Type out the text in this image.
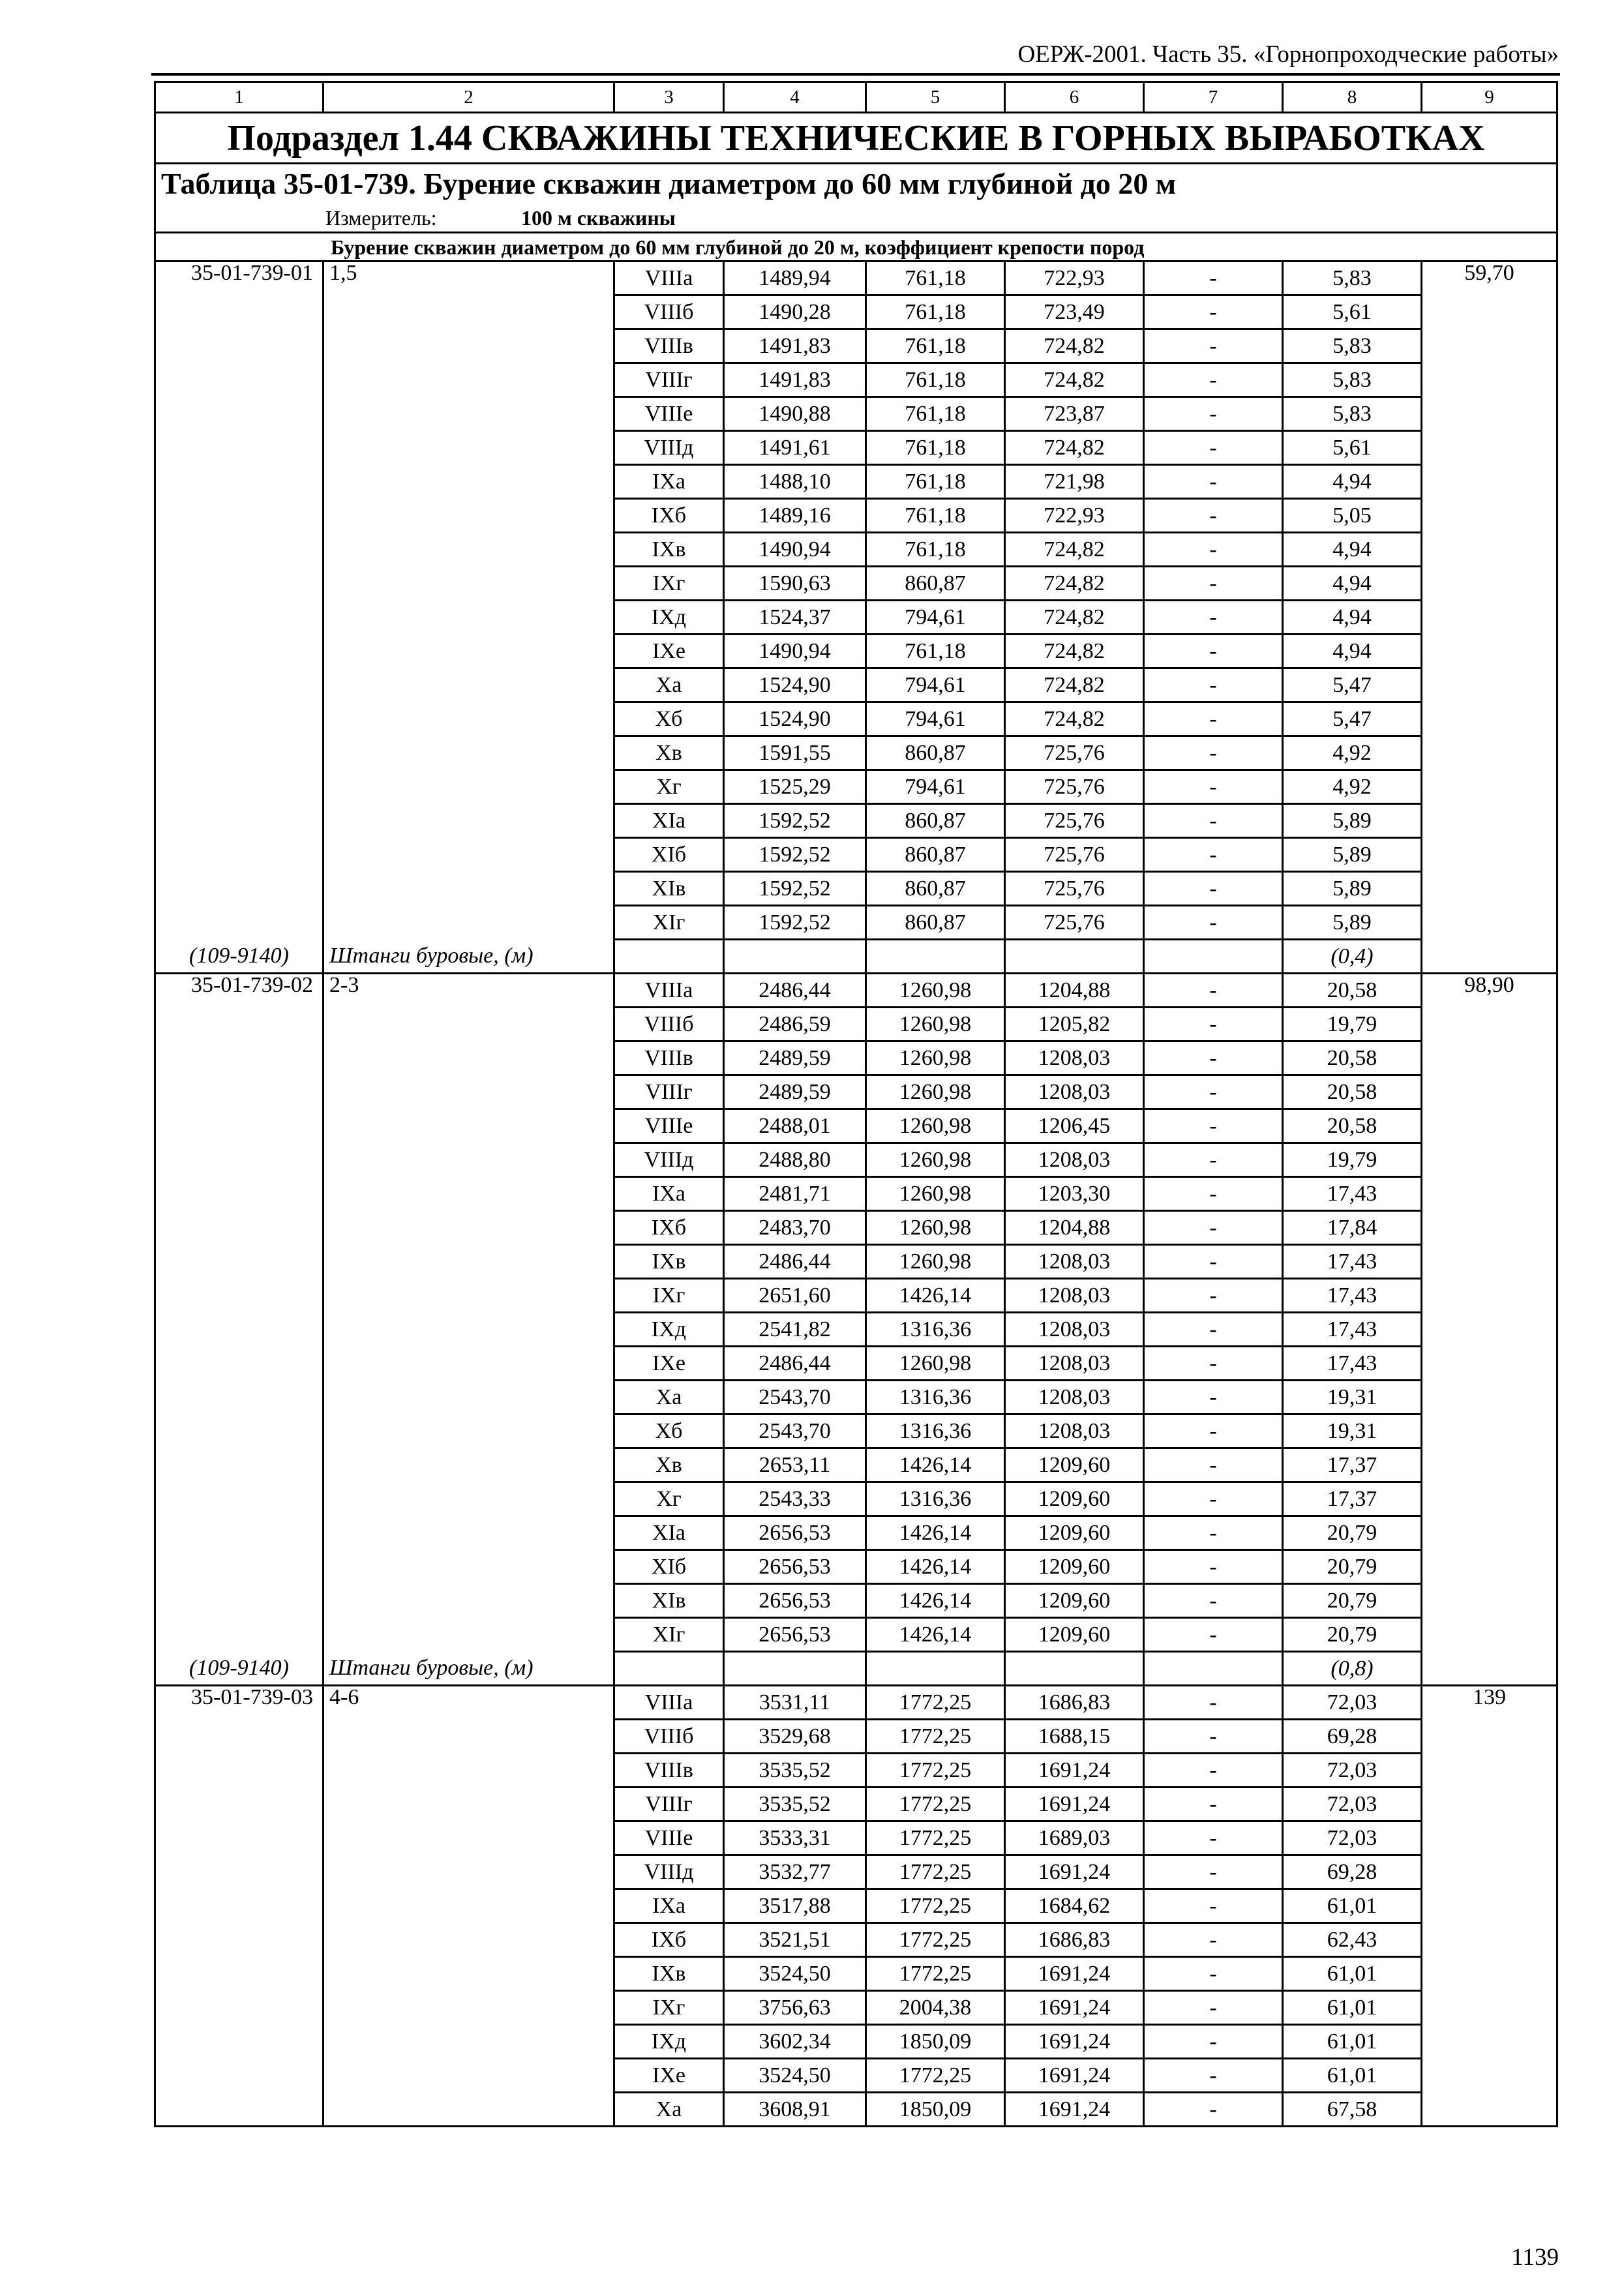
ОЕРЖ-2001. Часть 35. «Горнопроходческие работы»
1	2	3	4	5	6	7	8	9
Подраздел 1.44 СКВАЖИНЫ ТЕХНИЧЕСКИЕ В ГОРНЫХ ВЫРАБОТКАХ								
Таблица 35-01-739. Бурение скважин диаметром до 60 мм глубиной до 20 м								
Измеритель: 100 м скважины								
Бурение скважин диаметром до 60 мм глубиной до 20 м, коэффициент крепости пород								
35-01-739-01	1,5	VIIIа	1489,94	761,18	722,93	-	5,83	59,70
		VIIIб	1490,28	761,18	723,49	-	5,61	
		VIIIв	1491,83	761,18	724,82	-	5,83	
		VIIIг	1491,83	761,18	724,82	-	5,83	
		VIIIе	1490,88	761,18	723,87	-	5,83	
		VIIIд	1491,61	761,18	724,82	-	5,61	
		IXа	1488,10	761,18	721,98	-	4,94	
		IXб	1489,16	761,18	722,93	-	5,05	
		IXв	1490,94	761,18	724,82	-	4,94	
		IXг	1590,63	860,87	724,82	-	4,94	
		IXд	1524,37	794,61	724,82	-	4,94	
		IXе	1490,94	761,18	724,82	-	4,94	
		Xа	1524,90	794,61	724,82	-	5,47	
		Xб	1524,90	794,61	724,82	-	5,47	
		Xв	1591,55	860,87	725,76	-	4,92	
		Xг	1525,29	794,61	725,76	-	4,92	
		XIа	1592,52	860,87	725,76	-	5,89	
		XIб	1592,52	860,87	725,76	-	5,89	
		XIв	1592,52	860,87	725,76	-	5,89	
		XIг	1592,52	860,87	725,76	-	5,89	
(109-9140)	Штанги буровые, (м)						(0,4)	
35-01-739-02	2-3	VIIIа	2486,44	1260,98	1204,88	-	20,58	98,90
		VIIIб	2486,59	1260,98	1205,82	-	19,79	
		VIIIв	2489,59	1260,98	1208,03	-	20,58	
		VIIIг	2489,59	1260,98	1208,03	-	20,58	
		VIIIе	2488,01	1260,98	1206,45	-	20,58	
		VIIIд	2488,80	1260,98	1208,03	-	19,79	
		IXа	2481,71	1260,98	1203,30	-	17,43	
		IXб	2483,70	1260,98	1204,88	-	17,84	
		IXв	2486,44	1260,98	1208,03	-	17,43	
		IXг	2651,60	1426,14	1208,03	-	17,43	
		IXд	2541,82	1316,36	1208,03	-	17,43	
		IXе	2486,44	1260,98	1208,03	-	17,43	
		Xа	2543,70	1316,36	1208,03	-	19,31	
		Xб	2543,70	1316,36	1208,03	-	19,31	
		Xв	2653,11	1426,14	1209,60	-	17,37	
		Xг	2543,33	1316,36	1209,60	-	17,37	
		XIа	2656,53	1426,14	1209,60	-	20,79	
		XIб	2656,53	1426,14	1209,60	-	20,79	
		XIв	2656,53	1426,14	1209,60	-	20,79	
		XIг	2656,53	1426,14	1209,60	-	20,79	
(109-9140)	Штанги буровые, (м)						(0,8)	
35-01-739-03	4-6	VIIIа	3531,11	1772,25	1686,83	-	72,03	139
		VIIIб	3529,68	1772,25	1688,15	-	69,28	
		VIIIв	3535,52	1772,25	1691,24	-	72,03	
		VIIIг	3535,52	1772,25	1691,24	-	72,03	
		VIIIе	3533,31	1772,25	1689,03	-	72,03	
		VIIIд	3532,77	1772,25	1691,24	-	69,28	
		IXа	3517,88	1772,25	1684,62	-	61,01	
		IXб	3521,51	1772,25	1686,83	-	62,43	
		IXв	3524,50	1772,25	1691,24	-	61,01	
		IXг	3756,63	2004,38	1691,24	-	61,01	
		IXд	3602,34	1850,09	1691,24	-	61,01	
		IXе	3524,50	1772,25	1691,24	-	61,01	
		Xа	3608,91	1850,09	1691,24	-	67,58	
1139
